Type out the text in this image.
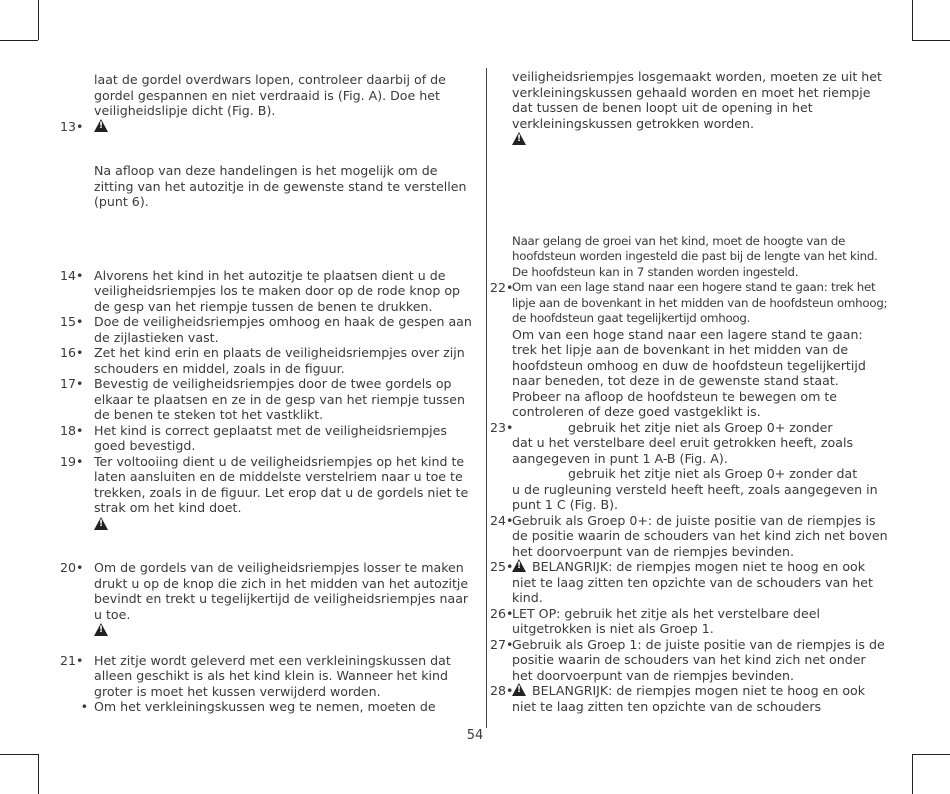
laat de gordel overdwars lopen, controleer daarbij of de gordel gespannen en niet verdraaid is (Fig. A). Doe het veiligheidslipje dicht (Fig. B).

13•
!

Na afloop van deze handelingen is het mogelijk om de zitting van het autozitje in de gewenste stand te verstellen (punt 6).

14• Alvorens het kind in het autozitje te plaatsen dient u de veiligheidsriempjes los te maken door op de rode knop op de gesp van het riempje tussen de benen te drukken.
15• Doe de veiligheidsriempjes omhoog en haak de gespen aan de zijlastieken vast.
16• Zet het kind erin en plaats de veiligheidsriempjes over zijn schouders en middel, zoals in de figuur.
17• Bevestig de veiligheidsriempjes door de twee gordels op elkaar te plaatsen en ze in de gesp van het riempje tussen de benen te steken tot het vastklikt.
18• Het kind is correct geplaatst met de veiligheidsriempjes goed bevestigd.
19• Ter voltooiing dient u de veiligheidsriempjes op het kind te laten aansluiten en de middelste verstelriem naar u toe te trekken, zoals in de figuur. Let erop dat u de gordels niet te strak om het kind doet.
!
20• Om de gordels van de veiligheidsriempjes losser te maken drukt u op de knop die zich in het midden van het autozitje bevindt en trekt u tegelijkertijd de veiligheidsriempjes naar u toe.
!
21• Het zitje wordt geleverd met een verkleiningskussen dat alleen geschikt is als het kind klein is. Wanneer het kind groter is moet het kussen verwijderd worden.
• Om het verkleiningskussen weg te nemen, moeten de

veiligheidsriempjes losgemaakt worden, moeten ze uit het verkleiningskussen gehaald worden en moet het riempje dat tussen de benen loopt uit de opening in het verkleiningskussen getrokken worden.

!

Naar gelang de groei van het kind, moet de hoogte van de hoofdsteun worden ingesteld die past bij de lengte van het kind. De hoofdsteun kan in 7 standen worden ingesteld.

22•
Om van een lage stand naar een hogere stand te gaan: trek het lipje aan de bovenkant in het midden van de hoofdsteun omhoog; de hoofdsteun gaat tegelijkertijd omhoog.
Om van een hoge stand naar een lagere stand te gaan: trek het lipje aan de bovenkant in het midden van de hoofdsteun omhoog en duw de hoofdsteun tegelijkertijd naar beneden, tot deze in de gewenste stand staat. Probeer na afloop de hoofdsteun te bewegen om te controleren of deze goed vastgeklikt is.
23•	gebruik het zitje niet als Groep 0+ zonder
dat u het verstelbare deel eruit getrokken heeft, zoals aangegeven in punt 1 A-B (Fig. A).
gebruik het zitje niet als Groep 0+ zonder dat
u de rugleuning versteld heeft heeft, zoals aangegeven in punt 1 C (Fig. B).
24•
Gebruik als Groep 0+: de juiste positie van de riempjes is de positie waarin de schouders van het kind zich net boven het doorvoerpunt van de riempjes bevinden.
25• !	BELANGRIJK: de riempjes mogen niet te hoog en ook niet te laag zitten ten opzichte van de schouders van het kind.
26•
LET OP: gebruik het zitje als het verstelbare deel uitgetrokken is niet als Groep 1.
27•
Gebruik als Groep 1: de juiste positie van de riempjes is de positie waarin de schouders van het kind zich net onder het doorvoerpunt van de riempjes bevinden.
28• !	BELANGRIJK: de riempjes mogen niet te hoog en ook niet te laag zitten ten opzichte van de schouders
54
